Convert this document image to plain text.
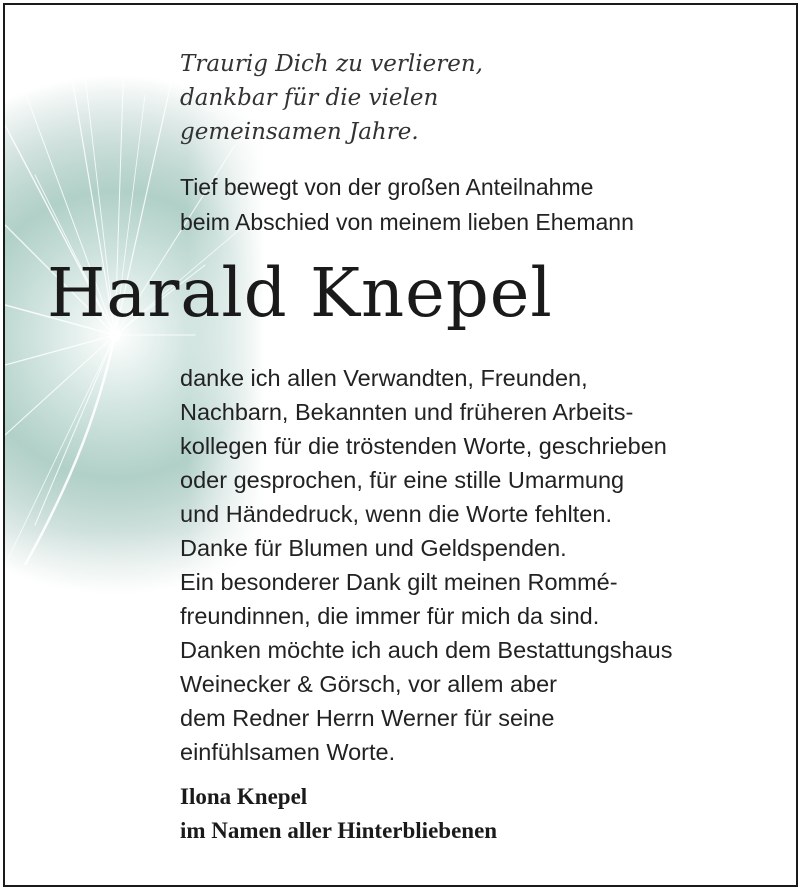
Traurig Dich zu verlieren,
dankbar für die vielen
gemeinsamen Jahre.
Tief bewegt von der großen Anteilnahme
beim Abschied von meinem lieben Ehemann
Harald Knepel
danke ich allen Verwandten, Freunden,
Nachbarn, Bekannten und früheren Arbeits-
kollegen für die tröstenden Worte, geschrieben
oder gesprochen, für eine stille Umarmung
und Händedruck, wenn die Worte fehlten.
Danke für Blumen und Geldspenden.
Ein besonderer Dank gilt meinen Rommé-
freundinnen, die immer für mich da sind.
Danken möchte ich auch dem Bestattungshaus
Weinecker & Görsch, vor allem aber
dem Redner Herrn Werner für seine
einfühlsamen Worte.
Ilona Knepel
im Namen aller Hinterbliebenen
